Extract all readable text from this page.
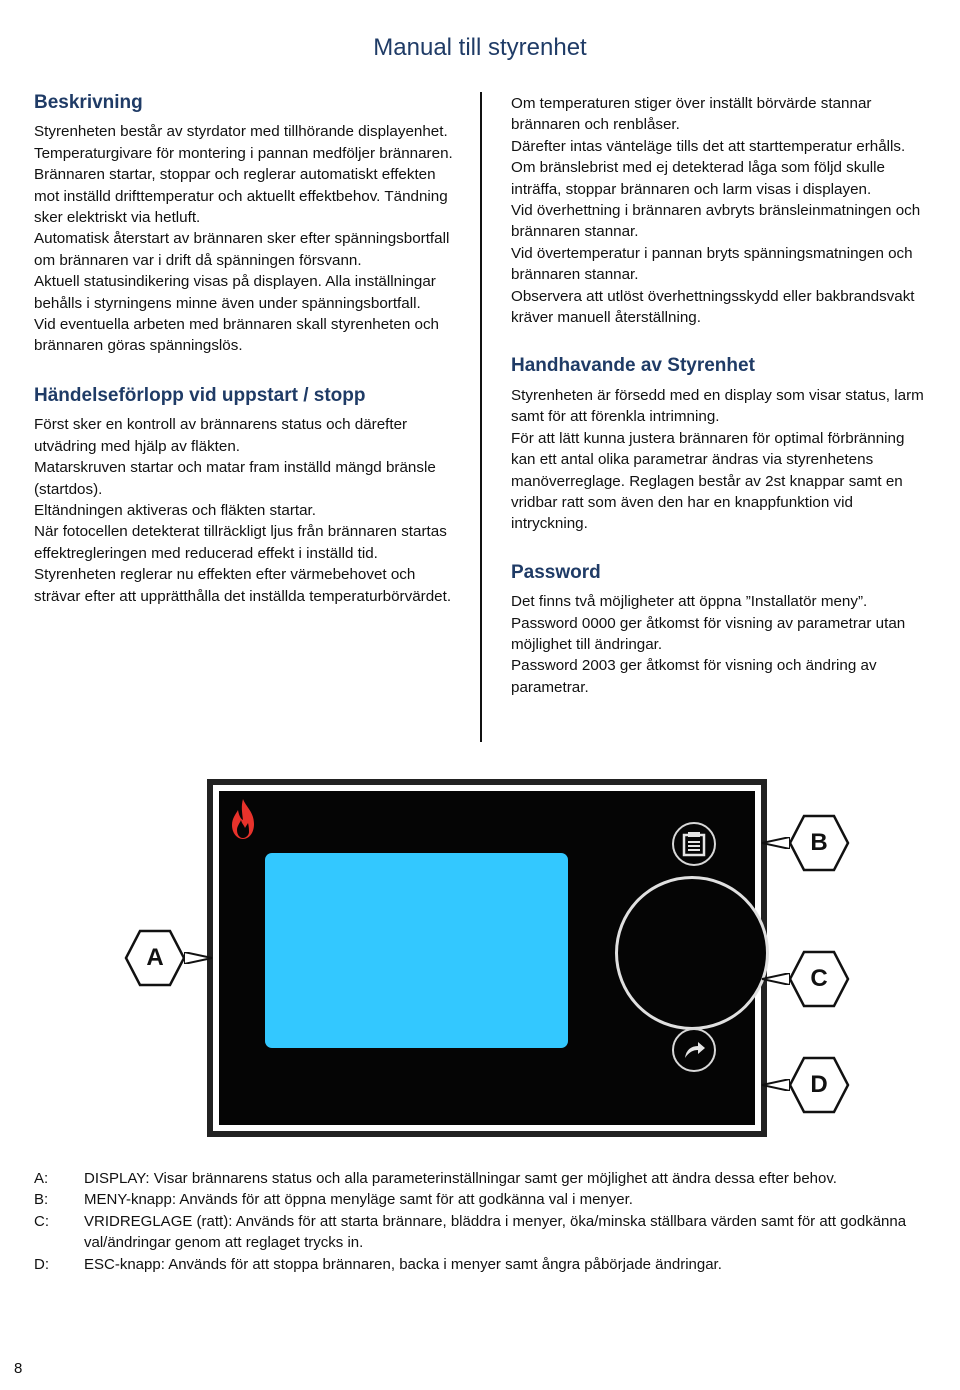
Manual till styrenhet
Beskrivning

Styrenheten består av styrdator med tillhörande displayenhet. Temperaturgivare för montering i pannan medföljer brännaren. Brännaren startar, stoppar och reglerar automatiskt effekten mot inställd drifttemperatur och aktuellt effektbehov. Tändning sker elektriskt via hetluft.

Automatisk återstart av brännaren sker efter spänningsbortfall om brännaren var i drift då spänningen försvann.

Aktuell statusindikering visas på displayen. Alla inställningar behålls i styrningens minne även under spänningsbortfall.

Vid eventuella arbeten med brännaren skall styrenheten och brännaren göras spänningslös.

Händelseförlopp vid uppstart / stopp

Först sker en kontroll av brännarens status och därefter utvädring med hjälp av fläkten.

Matarskruven startar och matar fram inställd mängd bränsle (startdos).

Eltändningen aktiveras och fläkten startar.

När fotocellen detekterat tillräckligt ljus från brännaren startas effektregleringen med reducerad effekt i inställd tid.

Styrenheten reglerar nu effekten efter värmebehovet och strävar efter att upprätthålla det inställda temperaturbörvärdet.

Om temperaturen stiger över inställt börvärde stannar brännaren och renblåser.

Därefter intas vänteläge tills det att starttemperatur erhålls.

Om bränslebrist med ej detekterad låga som följd skulle inträffa, stoppar brännaren och larm visas i displayen.

Vid överhettning i brännaren avbryts bränsleinmatningen och brännaren stannar.

Vid övertemperatur i pannan bryts spänningsmatningen och brännaren stannar.

Observera att utlöst överhettningsskydd eller bakbrandsvakt kräver manuell återställning.

Handhavande av Styrenhet

Styrenheten är försedd med en display som visar status, larm samt för att förenkla intrimning.

För att lätt kunna justera brännaren för optimal förbränning kan ett antal olika parametrar ändras via styrenhetens manöverreglage. Reglagen består av 2st knappar samt en vridbar ratt som även den har en knappfunktion vid intryckning.

Password

Det finns två möjligheter att öppna ”Installatör meny”.

Password 0000 ger åtkomst för visning av parametrar utan möjlighet till ändringar.

Password 2003 ger åtkomst för visning och ändring av parametrar.

A
B
C
D
A:	DISPLAY: Visar brännarens status och alla parameterinställningar samt ger möjlighet att ändra dessa efter behov.
B:	MENY-knapp: Används för att öppna menyläge samt för att godkänna val i menyer.
C:	VRIDREGLAGE (ratt): Används för att starta brännare, bläddra i menyer, öka/minska ställbara värden samt för att godkänna val/ändringar genom att reglaget trycks in.
D:	ESC-knapp: Används för att stoppa brännaren, backa i menyer samt ångra påbörjade ändringar.
8
